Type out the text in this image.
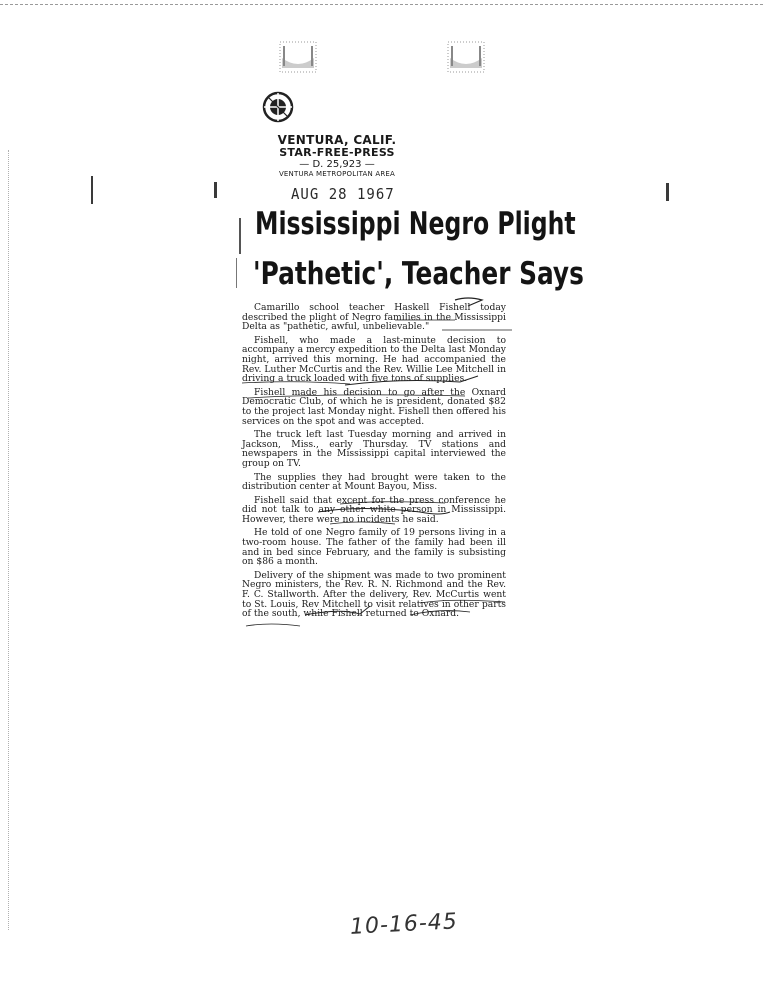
VENTURA, CALIF.
STAR-FREE-PRESS
— D. 25,923 —
VENTURA METROPOLITAN AREA
AUG 28 1967
Mississippi Negro Plight
'Pathetic', Teacher Says

Camarillo school teacher Haskell Fishell today described the plight of Negro families in the Mississippi Delta as "pathetic, awful, unbelievable."

Fishell, who made a last-minute decision to accompany a mercy expedition to the Delta last Monday night, arrived this morning. He had accompanied the Rev. Luther McCurtis and the Rev. Willie Lee Mitchell in driving a truck loaded with five tons of supplies.

Fishell made his decision to go after the Oxnard Democratic Club, of which he is president, donated $82 to the project last Monday night. Fishell then offered his services on the spot and was accepted.

The truck left last Tuesday morning and arrived in Jackson, Miss., early Thursday. TV stations and newspapers in the Mississippi capital interviewed the group on TV.

The supplies they had brought were taken to the distribution center at Mount Bayou, Miss.

Fishell said that except for the press conference he did not talk to any other white person in Mississippi. However, there were no incidents he said.

He told of one Negro family of 19 persons living in a two-room house. The father of the family had been ill and in bed since February, and the family is subsisting on $86 a month.

Delivery of the shipment was made to two prominent Negro ministers, the Rev. R. N. Richmond and the Rev. F. C. Stallworth. After the delivery, Rev. McCurtis went to St. Louis, Rev Mitchell to visit relatives in other parts of the south, while Fishell returned to Oxnard.

10-16-45
